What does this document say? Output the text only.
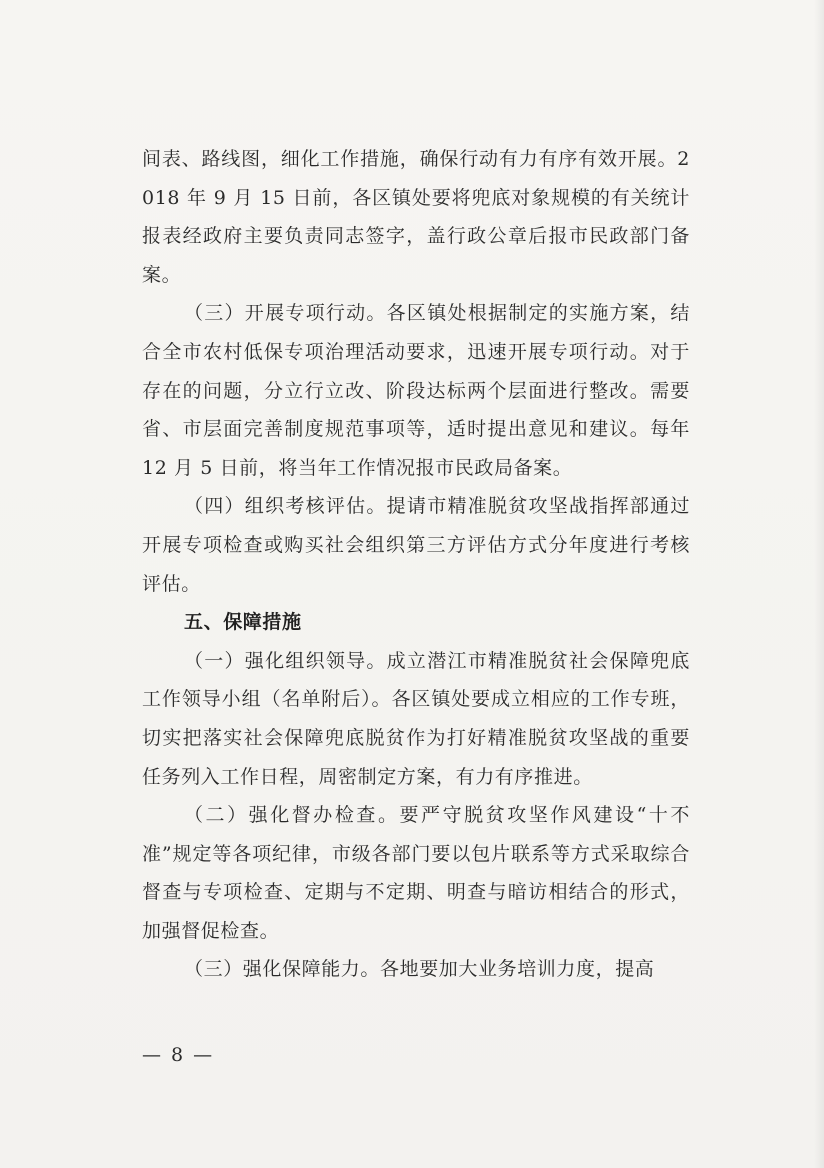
间表、路线图，细化工作措施，确保行动有力有序有效开展。2018 年 9 月 15 日前，各区镇处要将兜底对象规模的有关统计报表经政府主要负责同志签字，盖行政公章后报市民政部门备案。

（三）开展专项行动。各区镇处根据制定的实施方案，结合全市农村低保专项治理活动要求，迅速开展专项行动。对于存在的问题，分立行立改、阶段达标两个层面进行整改。需要省、市层面完善制度规范事项等，适时提出意见和建议。每年 12 月 5 日前，将当年工作情况报市民政局备案。

（四）组织考核评估。提请市精准脱贫攻坚战指挥部通过开展专项检查或购买社会组织第三方评估方式分年度进行考核评估。

五、保障措施

（一）强化组织领导。成立潜江市精准脱贫社会保障兜底工作领导小组（名单附后）。各区镇处要成立相应的工作专班，切实把落实社会保障兜底脱贫作为打好精准脱贫攻坚战的重要任务列入工作日程，周密制定方案，有力有序推进。

（二）强化督办检查。要严守脱贫攻坚作风建设“十不准”规定等各项纪律，市级各部门要以包片联系等方式采取综合督查与专项检查、定期与不定期、明查与暗访相结合的形式，加强督促检查。

（三）强化保障能力。各地要加大业务培训力度，提高

— 8 —
